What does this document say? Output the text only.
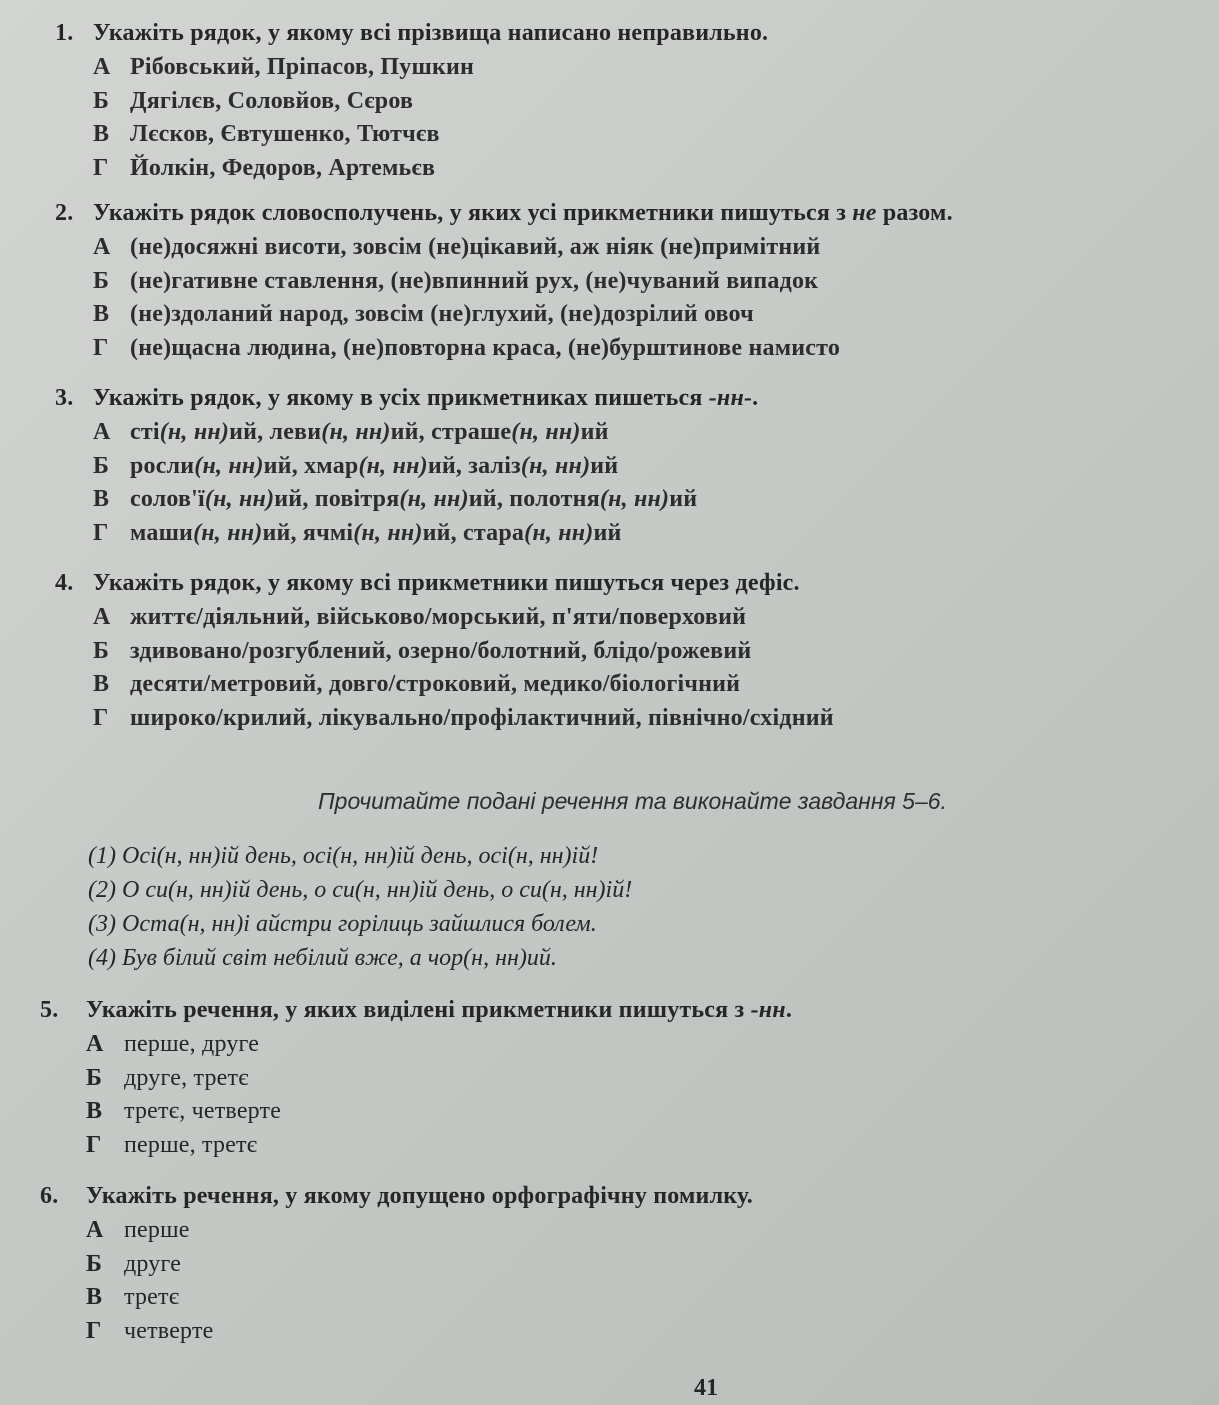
Прочитайте подані речення та виконайте завдання 5–6.
(1) Осі(н, нн)ій день, осі(н, нн)ій день, осі(н, нн)ій!
(2) О си(н, нн)ій день, о си(н, нн)ій день, о си(н, нн)ій!
(3) Оста(н, нн)і айстри горілиць зайшлися болем.
(4) Був білий світ небілий вже, а чор(н, нн)ий.
41
1. Укажіть рядок, у якому всі прізвища написано неправильно.
А Рібовський, Пріпасов, Пушкин
Б Дягілєв, Соловйов, Сєров
В Лєсков, Євтушенко, Тютчєв
Г Йолкін, Федоров, Артемьєв
2. Укажіть рядок словосполучень, у яких усі прикметники пишуться з не разом.
А (не)досяжні висоти, зовсім (не)цікавий, аж ніяк (не)примітний
Б (не)гативне ставлення, (не)впинний рух, (не)чуваний випадок
В (не)здоланий народ, зовсім (не)глухий, (не)дозрілий овоч
Г (не)щасна людина, (не)повторна краса, (не)бурштинове намисто
3. Укажіть рядок, у якому в усіх прикметниках пишеться -нн-.
А сті(н, нн)ий, леви(н, нн)ий, страше(н, нн)ий
Б росли(н, нн)ий, хмар(н, нн)ий, заліз(н, нн)ий
В солов'ї(н, нн)ий, повітря(н, нн)ий, полотня(н, нн)ий
Г маши(н, нн)ий, ячмі(н, нн)ий, стара(н, нн)ий
4. Укажіть рядок, у якому всі прикметники пишуться через дефіс.
А життє/діяльний, військово/морський, п'яти/поверховий
Б здивовано/розгублений, озерно/болотний, блідо/рожевий
В десяти/метровий, довго/строковий, медико/біологічний
Г широко/крилий, лікувально/профілактичний, північно/східний
5. Укажіть речення, у яких виділені прикметники пишуться з -нн.
А перше, друге
Б друге, третє
В третє, четверте
Г перше, третє
6. Укажіть речення, у якому допущено орфографічну помилку.
А перше
Б друге
В третє
Г четверте
